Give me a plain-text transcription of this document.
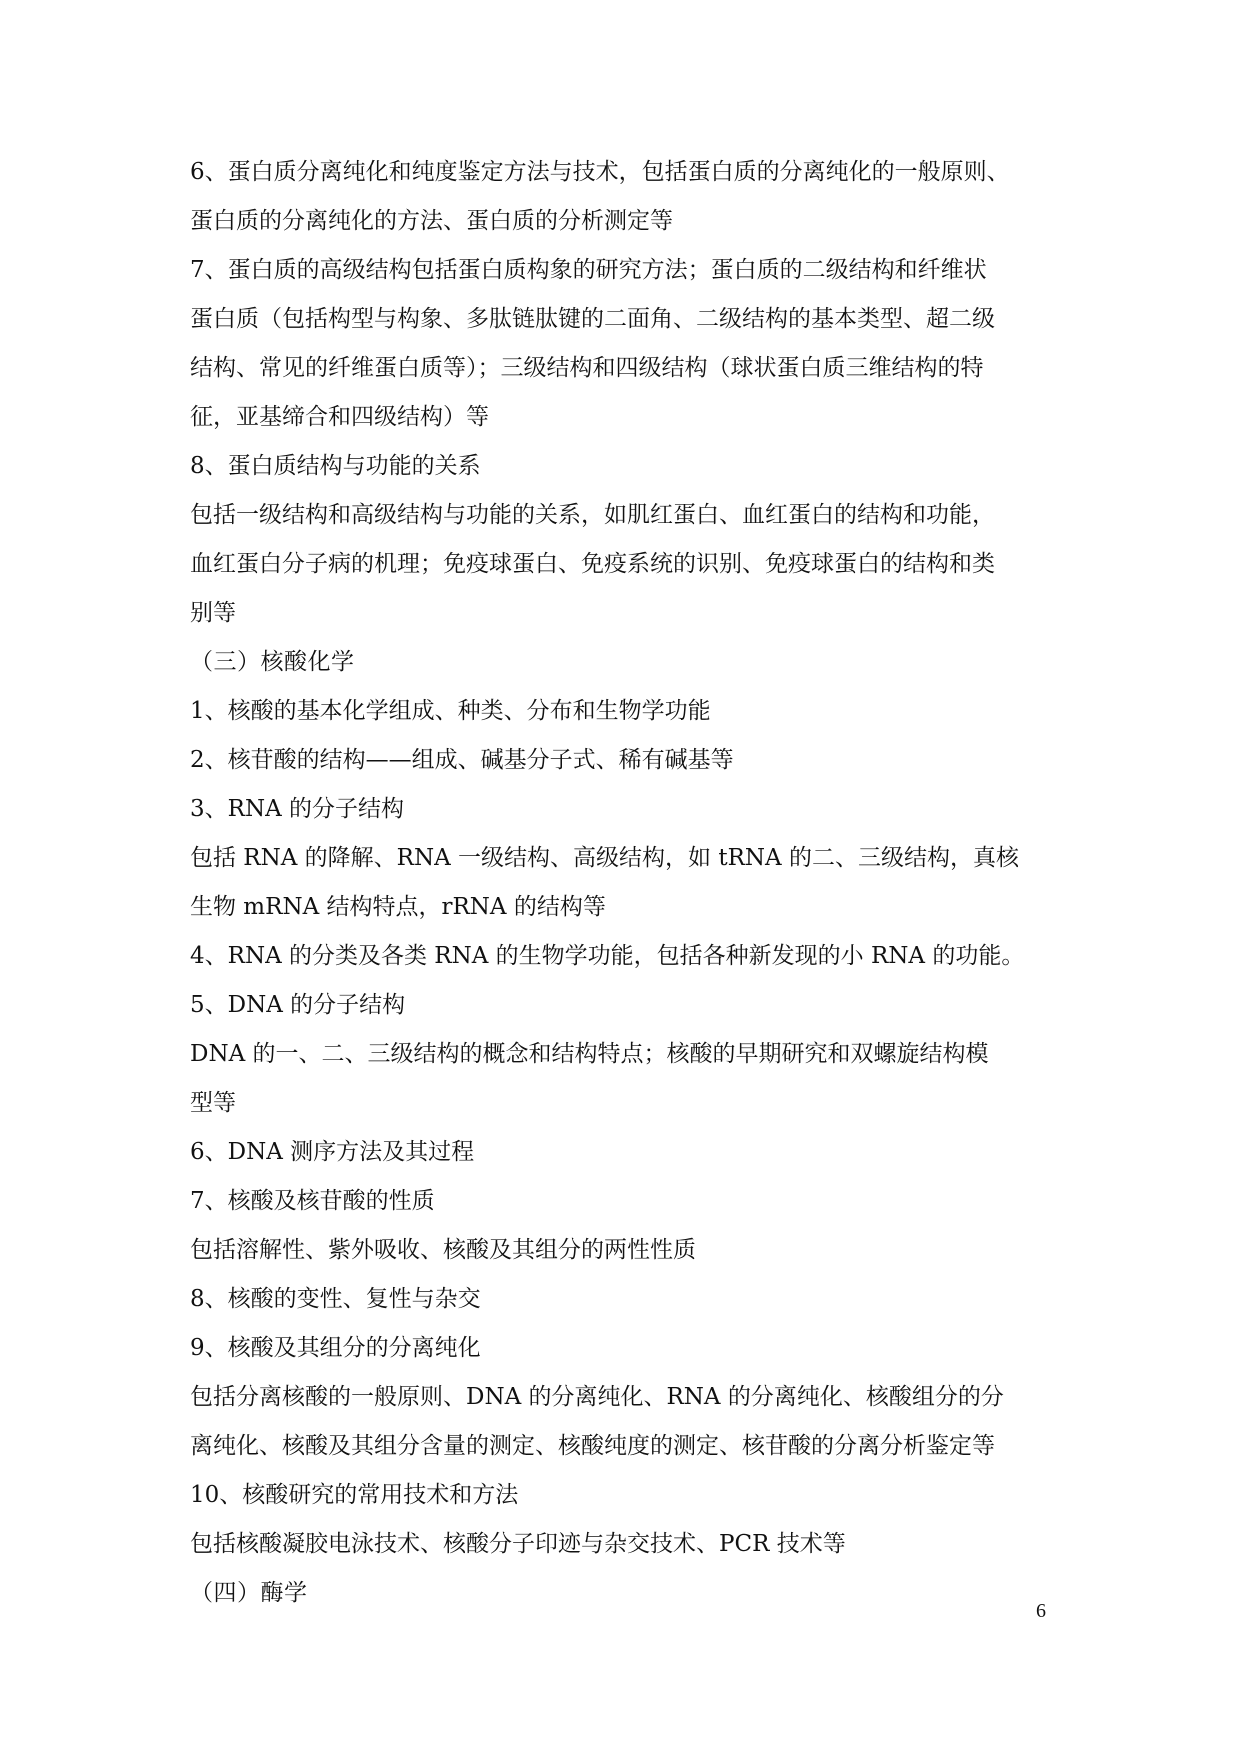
6、蛋白质分离纯化和纯度鉴定方法与技术，包括蛋白质的分离纯化的一般原则、
蛋白质的分离纯化的方法、蛋白质的分析测定等
7、蛋白质的高级结构包括蛋白质构象的研究方法；蛋白质的二级结构和纤维状
蛋白质（包括构型与构象、多肽链肽键的二面角、二级结构的基本类型、超二级
结构、常见的纤维蛋白质等）；三级结构和四级结构（球状蛋白质三维结构的特
征，亚基缔合和四级结构）等
8、蛋白质结构与功能的关系
包括一级结构和高级结构与功能的关系，如肌红蛋白、血红蛋白的结构和功能，
血红蛋白分子病的机理；免疫球蛋白、免疫系统的识别、免疫球蛋白的结构和类
别等
（三）核酸化学
1、核酸的基本化学组成、种类、分布和生物学功能
2、核苷酸的结构——组成、碱基分子式、稀有碱基等
3、RNA 的分子结构
包括 RNA 的降解、RNA 一级结构、高级结构，如 tRNA 的二、三级结构，真核
生物 mRNA 结构特点，rRNA 的结构等
4、RNA 的分类及各类 RNA 的生物学功能，包括各种新发现的小 RNA 的功能。
5、DNA 的分子结构
DNA 的一、二、三级结构的概念和结构特点；核酸的早期研究和双螺旋结构模
型等
6、DNA 测序方法及其过程
7、核酸及核苷酸的性质
包括溶解性、紫外吸收、核酸及其组分的两性性质
8、核酸的变性、复性与杂交
9、核酸及其组分的分离纯化
包括分离核酸的一般原则、DNA 的分离纯化、RNA 的分离纯化、核酸组分的分
离纯化、核酸及其组分含量的测定、核酸纯度的测定、核苷酸的分离分析鉴定等
10、核酸研究的常用技术和方法
包括核酸凝胶电泳技术、核酸分子印迹与杂交技术、PCR 技术等
（四）酶学
6
